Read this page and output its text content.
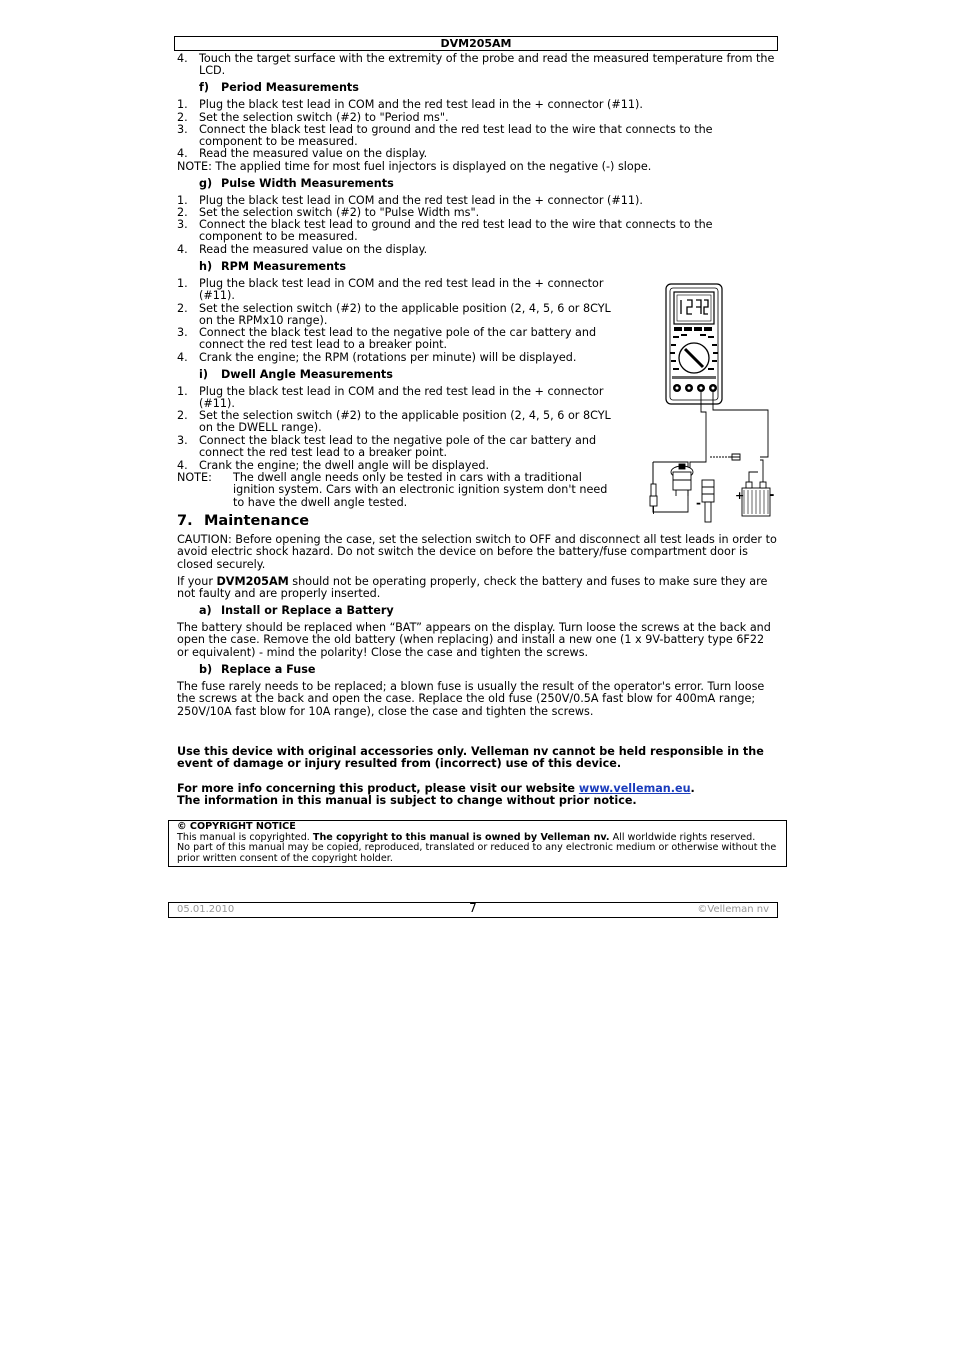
DVM205AM
4. Touch the target surface with the extremity of the probe and read the measured temperature from the LCD.
f) Period Measurements
1. Plug the black test lead in COM and the red test lead in the + connector (#11).
2. Set the selection switch (#2) to "Period ms".
3. Connect the black test lead to ground and the red test lead to the wire that connects to the component to be measured.
4. Read the measured value on the display.
NOTE: The applied time for most fuel injectors is displayed on the negative (-) slope.
g) Pulse Width Measurements
1. Plug the black test lead in COM and the red test lead in the + connector (#11).
2. Set the selection switch (#2) to "Pulse Width ms".
3. Connect the black test lead to ground and the red test lead to the wire that connects to the component to be measured.
4. Read the measured value on the display.
h) RPM Measurements
1. Plug the black test lead in COM and the red test lead in the + connector (#11).
2. Set the selection switch (#2) to the applicable position (2, 4, 5, 6 or 8CYL on the RPMx10 range).
3. Connect the black test lead to the negative pole of the car battery and connect the red test lead to a breaker point.
4. Crank the engine; the RPM (rotations per minute) will be displayed.
i) Dwell Angle Measurements
1. Plug the black test lead in COM and the red test lead in the + connector (#11).
2. Set the selection switch (#2) to the applicable position (2, 4, 5, 6 or 8CYL on the DWELL range).
3. Connect the black test lead to the negative pole of the car battery and connect the red test lead to a breaker point.
4. Crank the engine; the dwell angle will be displayed.
NOTE: The dwell angle needs only be tested in cars with a traditional ignition system. Cars with an electronic ignition system don't need to have the dwell angle tested.
+ -
-
7. Maintenance
CAUTION: Before opening the case, set the selection switch to OFF and disconnect all test leads in order to avoid electric shock hazard. Do not switch the device on before the battery/fuse compartment door is closed securely.
If your DVM205AM should not be operating properly, check the battery and fuses to make sure they are not faulty and are properly inserted.
a) Install or Replace a Battery
The battery should be replaced when “BAT” appears on the display. Turn loose the screws at the back and open the case. Remove the old battery (when replacing) and install a new one (1 x 9V-battery type 6F22 or equivalent) - mind the polarity! Close the case and tighten the screws.
b) Replace a Fuse
The fuse rarely needs to be replaced; a blown fuse is usually the result of the operator's error. Turn loose the screws at the back and open the case. Replace the old fuse (250V/0.5A fast blow for 400mA range; 250V/10A fast blow for 10A range), close the case and tighten the screws.
Use this device with original accessories only. Velleman nv cannot be held responsible in the event of damage or injury resulted from (incorrect) use of this device.
For more info concerning this product, please visit our website www.velleman.eu.
The information in this manual is subject to change without prior notice.
© COPYRIGHT NOTICE
This manual is copyrighted. The copyright to this manual is owned by Velleman nv. All worldwide rights reserved.
No part of this manual may be copied, reproduced, translated or reduced to any electronic medium or otherwise without the prior written consent of the copyright holder.
05.01.2010	7	©Velleman nv
